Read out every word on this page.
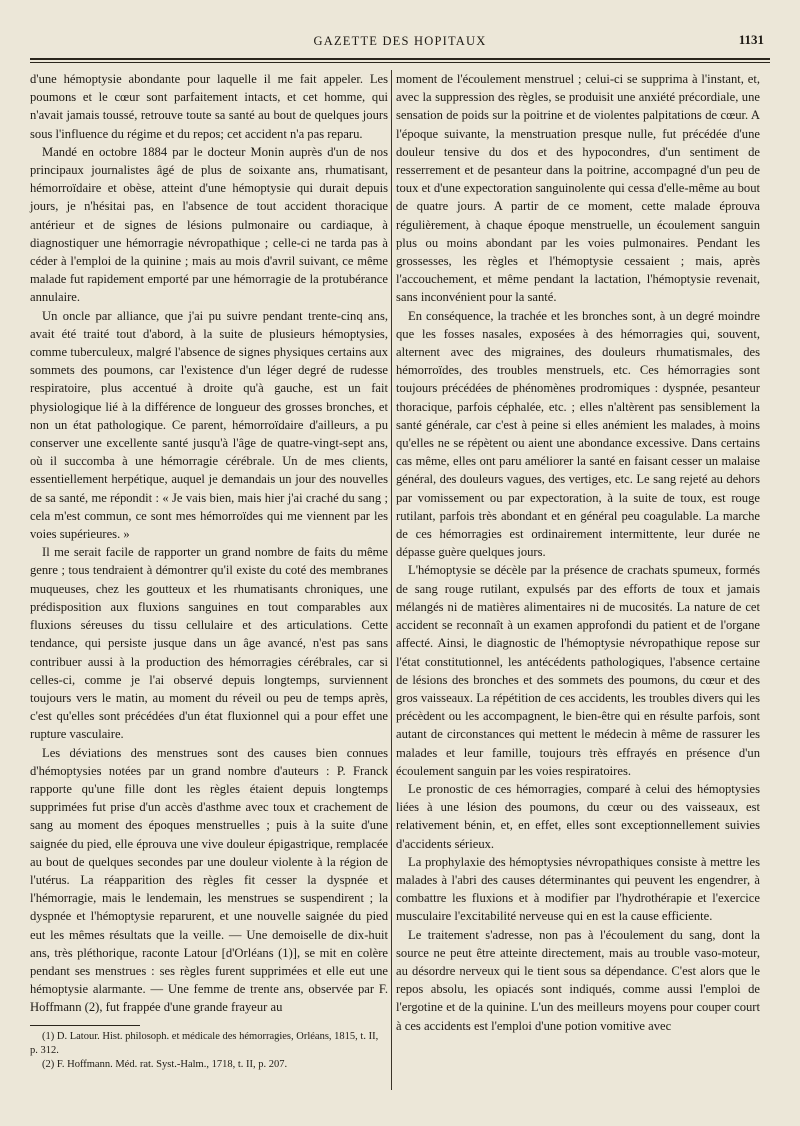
GAZETTE DES HOPITAUX	1131

d'une hémoptysie abondante pour laquelle il me fait appeler. Les poumons et le cœur sont parfaitement intacts, et cet homme, qui n'avait jamais toussé, retrouve toute sa santé au bout de quelques jours sous l'influence du régime et du repos; cet accident n'a pas reparu.

Mandé en octobre 1884 par le docteur Monin auprès d'un de nos principaux journalistes âgé de plus de soixante ans, rhumatisant, hémorroïdaire et obèse, atteint d'une hémoptysie qui durait depuis jours, je n'hésitai pas, en l'absence de tout accident thoracique antérieur et de signes de lésions pulmonaire ou cardiaque, à diagnostiquer une hémorragie névropathique ; celle-ci ne tarda pas à céder à l'emploi de la quinine ; mais au mois d'avril suivant, ce même malade fut rapidement emporté par une hémorragie de la protubérance annulaire.

Un oncle par alliance, que j'ai pu suivre pendant trente-cinq ans, avait été traité tout d'abord, à la suite de plusieurs hémoptysies, comme tuberculeux, malgré l'absence de signes physiques certains aux sommets des poumons, car l'existence d'un léger degré de rudesse respiratoire, plus accentué à droite qu'à gauche, est un fait physiologique lié à la différence de longueur des grosses bronches, et non un état pathologique. Ce parent, hémorroïdaire d'ailleurs, a pu conserver une excellente santé jusqu'à l'âge de quatre-vingt-sept ans, où il succomba à une hémorragie cérébrale. Un de mes clients, essentiellement herpétique, auquel je demandais un jour des nouvelles de sa santé, me répondit : « Je vais bien, mais hier j'ai craché du sang ; cela m'est commun, ce sont mes hémorroïdes qui me viennent par les voies supérieures. »

Il me serait facile de rapporter un grand nombre de faits du même genre ; tous tendraient à démontrer qu'il existe du coté des membranes muqueuses, chez les goutteux et les rhumatisants chroniques, une prédisposition aux fluxions sanguines en tout comparables aux fluxions séreuses du tissu cellulaire et des articulations. Cette tendance, qui persiste jusque dans un âge avancé, n'est pas sans contribuer aussi à la production des hémorragies cérébrales, car si celles-ci, comme je l'ai observé depuis longtemps, surviennent toujours vers le matin, au moment du réveil ou peu de temps après, c'est qu'elles sont précédées d'un état fluxionnel qui a pour effet une rupture vasculaire.

Les déviations des menstrues sont des causes bien connues d'hémoptysies notées par un grand nombre d'auteurs : P. Franck rapporte qu'une fille dont les règles étaient depuis longtemps supprimées fut prise d'un accès d'asthme avec toux et crachement de sang au moment des époques menstruelles ; puis à la suite d'une saignée du pied, elle éprouva une vive douleur épigastrique, remplacée au bout de quelques secondes par une douleur violente à la région de l'utérus. La réapparition des règles fit cesser la dyspnée et l'hémorragie, mais le lendemain, les menstrues se suspendirent ; la dyspnée et l'hémoptysie reparurent, et une nouvelle saignée du pied eut les mêmes résultats que la veille. — Une demoiselle de dix-huit ans, très pléthorique, raconte Latour [d'Orléans (1)], se mit en colère pendant ses menstrues : ses règles furent supprimées et elle eut une hémoptysie alarmante. — Une femme de trente ans, observée par F. Hoffmann (2), fut frappée d'une grande frayeur au

(1) D. Latour. Hist. philosoph. et médicale des hémorragies, Orléans, 1815, t. II, p. 312.

(2) F. Hoffmann. Méd. rat. Syst.-Halm., 1718, t. II, p. 207.

moment de l'écoulement menstruel ; celui-ci se supprima à l'instant, et, avec la suppression des règles, se produisit une anxiété précordiale, une sensation de poids sur la poitrine et de violentes palpitations de cœur. A l'époque suivante, la menstruation presque nulle, fut précédée d'une douleur tensive du dos et des hypocondres, d'un sentiment de resserrement et de pesanteur dans la poitrine, accompagné d'un peu de toux et d'une expectoration sanguinolente qui cessa d'elle-même au bout de quatre jours. A partir de ce moment, cette malade éprouva régulièrement, à chaque époque menstruelle, un écoulement sanguin plus ou moins abondant par les voies pulmonaires. Pendant les grossesses, les règles et l'hémoptysie cessaient ; mais, après l'accouchement, et même pendant la lactation, l'hémoptysie revenait, sans inconvénient pour la santé.

En conséquence, la trachée et les bronches sont, à un degré moindre que les fosses nasales, exposées à des hémorragies qui, souvent, alternent avec des migraines, des douleurs rhumatismales, des hémorroïdes, des troubles menstruels, etc. Ces hémorragies sont toujours précédées de phénomènes prodromiques : dyspnée, pesanteur thoracique, parfois céphalée, etc. ; elles n'altèrent pas sensiblement la santé générale, car c'est à peine si elles anémient les malades, à moins qu'elles ne se répètent ou aient une abondance excessive. Dans certains cas même, elles ont paru améliorer la santé en faisant cesser un malaise général, des douleurs vagues, des vertiges, etc. Le sang rejeté au dehors par vomissement ou par expectoration, à la suite de toux, est rouge rutilant, parfois très abondant et en général peu coagulable. La marche de ces hémorragies est ordinairement intermittente, leur durée ne dépasse guère quelques jours.

L'hémoptysie se décèle par la présence de crachats spumeux, formés de sang rouge rutilant, expulsés par des efforts de toux et jamais mélangés ni de matières alimentaires ni de mucosités. La nature de cet accident se reconnaît à un examen approfondi du patient et de l'organe affecté. Ainsi, le diagnostic de l'hémoptysie névropathique repose sur l'état constitutionnel, les antécédents pathologiques, l'absence certaine de lésions des bronches et des sommets des poumons, du cœur et des gros vaisseaux. La répétition de ces accidents, les troubles divers qui les précèdent ou les accompagnent, le bien-être qui en résulte parfois, sont autant de circonstances qui mettent le médecin à même de rassurer les malades et leur famille, toujours très effrayés en présence d'un écoulement sanguin par les voies respiratoires.

Le pronostic de ces hémorragies, comparé à celui des hémoptysies liées à une lésion des poumons, du cœur ou des vaisseaux, est relativement bénin, et, en effet, elles sont exceptionnellement suivies d'accidents sérieux.

La prophylaxie des hémoptysies névropathiques consiste à mettre les malades à l'abri des causes déterminantes qui peuvent les engendrer, à combattre les fluxions et à modifier par l'hydrothérapie et l'exercice musculaire l'excitabilité nerveuse qui en est la cause efficiente.

Le traitement s'adresse, non pas à l'écoulement du sang, dont la source ne peut être atteinte directement, mais au trouble vaso-moteur, au désordre nerveux qui le tient sous sa dépendance. C'est alors que le repos absolu, les opiacés sont indiqués, comme aussi l'emploi de l'ergotine et de la quinine. L'un des meilleurs moyens pour couper court à ces accidents est l'emploi d'une potion vomitive avec
